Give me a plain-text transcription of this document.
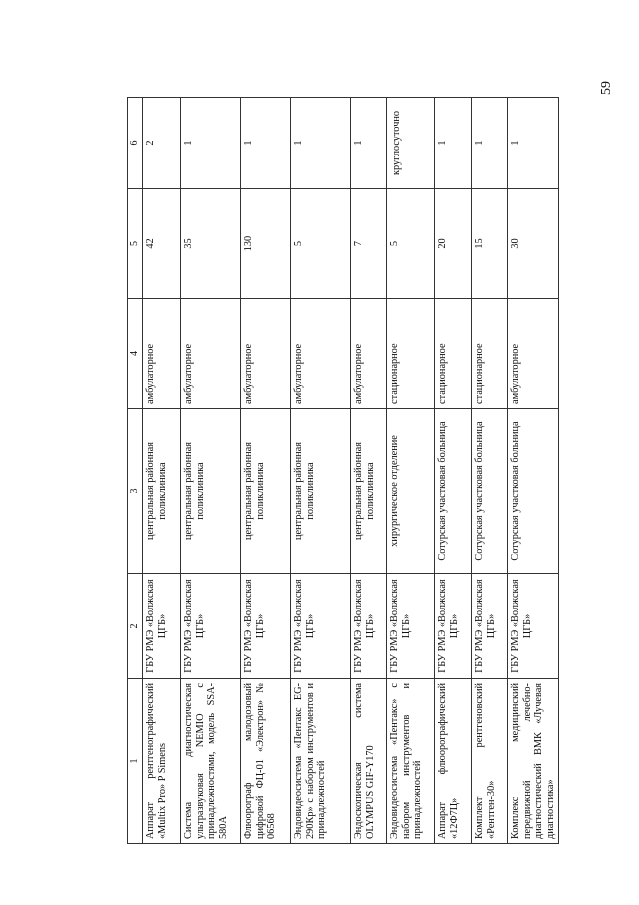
59
1	2	3	4	5	6
Аппарат рентгенографический «Multix Pro» P Simens	ГБУ РМЭ «Волжская ЦГБ»	центральная районная поликлиника	амбулаторное	42	2
Система диагностическая ультразвуковая NEMIO с принадлежностями, модель SSA-580A	ГБУ РМЭ «Волжская ЦГБ»	центральная районная поликлиника	амбулаторное	35	1
Флюорограф малодозовый цифровой ФЦ-01 «Электрон» № 06568	ГБУ РМЭ «Волжская ЦГБ»	центральная районная поликлиника	амбулаторное	130	1
Эндовидеосистема «Пентакс EG-290Кр» с набором инструментов и принадлежностей	ГБУ РМЭ «Волжская ЦГБ»	центральная районная поликлиника	амбулаторное	5	1
Эндоскопическая система OLYMPUS GIF-Y170	ГБУ РМЭ «Волжская ЦГБ»	центральная районная поликлиника	амбулаторное	7	1
Эндовидеосистема «Пентакс» с набором инструментов и принадлежностей	ГБУ РМЭ «Волжская ЦГБ»	хирургическое отделение	стационарное	5	круглосуточно

Аппарат флюорографический «12Ф7Ц»	ГБУ РМЭ «Волжская ЦГБ»	Сотурская участковая больница	стационарное	20	1
Комплект рентгеновский «Рентген-30»	ГБУ РМЭ «Волжская ЦГБ»	Сотурская участковая больница	стационарное	15	1
Комплекс медицинский передвижной лечебно-диагностический ВМК «Лучевая диагностика»	ГБУ РМЭ «Волжская ЦГБ»	Сотурская участковая больница	амбулаторное	30	1
